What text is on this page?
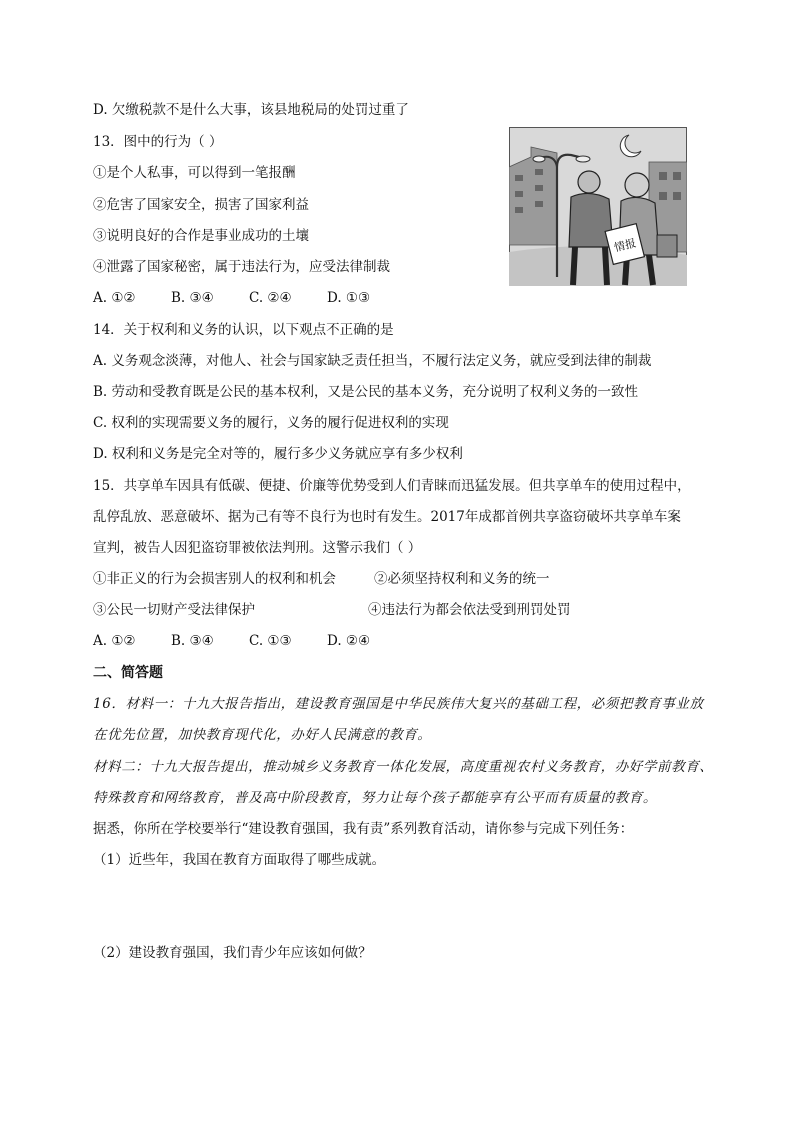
D. 欠缴税款不是什么大事，该县地税局的处罚过重了
13．图中的行为（ ）
①是个人私事，可以得到一笔报酬
②危害了国家安全，损害了国家利益
③说明良好的合作是事业成功的土壤
④泄露了国家秘密，属于违法行为，应受法律制裁
A. ①②	B. ③④	C. ②④	D. ①③
情报
14．关于权利和义务的认识，以下观点不正确的是
A. 义务观念淡薄，对他人、社会与国家缺乏责任担当，不履行法定义务，就应受到法律的制裁
B. 劳动和受教育既是公民的基本权利，又是公民的基本义务，充分说明了权利义务的一致性
C. 权利的实现需要义务的履行，义务的履行促进权利的实现
D. 权利和义务是完全对等的，履行多少义务就应享有多少权利
15．共享单车因具有低碳、便捷、价廉等优势受到人们青睐而迅猛发展。但共享单车的使用过程中，
乱停乱放、恶意破坏、据为己有等不良行为也时有发生。2017年成都首例共享盗窃破坏共享单车案
宣判，被告人因犯盗窃罪被依法判刑。这警示我们（ ）
①非正义的行为会损害别人的权利和机会	②必须坚持权利和义务的统一
③公民一切财产受法律保护	④违法行为都会依法受到刑罚处罚
A. ①②	B. ③④	C. ①③	D. ②④
二、简答题
16．材料一：十九大报告指出，建设教育强国是中华民族伟大复兴的基础工程，必须把教育事业放
在优先位置，加快教育现代化，办好人民满意的教育。
材料二：十九大报告提出，推动城乡义务教育一体化发展，高度重视农村义务教育，办好学前教育、
特殊教育和网络教育，普及高中阶段教育，努力让每个孩子都能享有公平而有质量的教育。
据悉，你所在学校要举行“建设教育强国，我有责”系列教育活动，请你参与完成下列任务：
（1）近些年，我国在教育方面取得了哪些成就。
（2）建设教育强国，我们青少年应该如何做？
